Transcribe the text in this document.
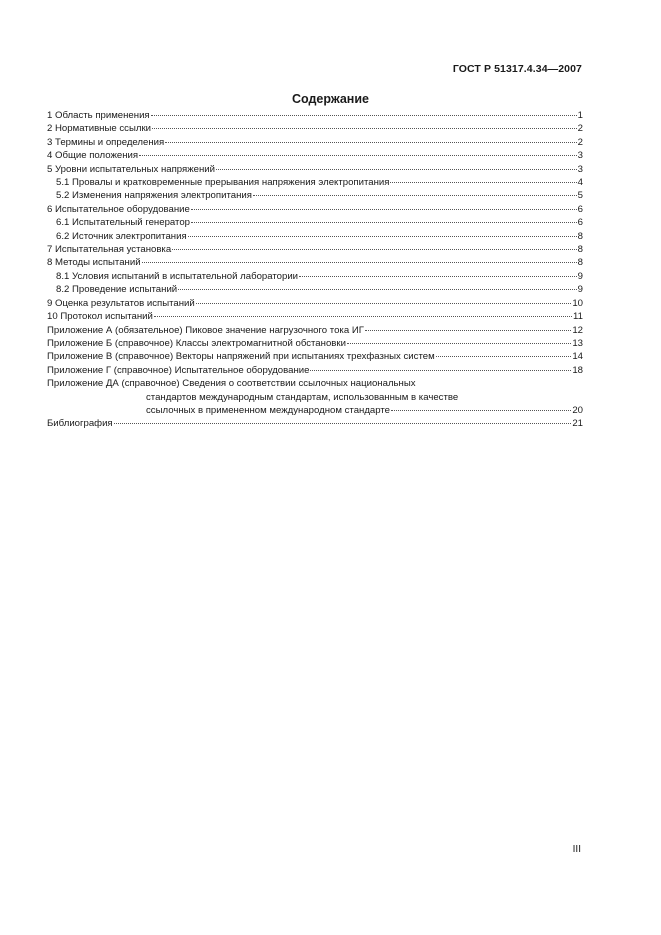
ГОСТ Р 51317.4.34—2007
Содержание
1 Область применения	1
2 Нормативные ссылки	2
3 Термины и определения	2
4 Общие положения	3
5 Уровни испытательных напряжений	3
5.1 Провалы и кратковременные прерывания напряжения электропитания	4
5.2 Изменения напряжения электропитания	5
6 Испытательное оборудование	6
6.1 Испытательный генератор	6
6.2 Источник электропитания	8
7 Испытательная установка	8
8 Методы испытаний	8
8.1 Условия испытаний в испытательной лаборатории	9
8.2 Проведение испытаний	9
9 Оценка результатов испытаний	10
10 Протокол испытаний	11
Приложение А (обязательное) Пиковое значение нагрузочного тока ИГ	12
Приложение Б (справочное) Классы электромагнитной обстановки	13
Приложение В (справочное) Векторы напряжений при испытаниях трехфазных систем	14
Приложение Г (справочное) Испытательное оборудование	18
Приложение ДА (справочное) Сведения о соответствии ссылочных национальных
стандартов международным стандартам, использованным в качестве
ссылочных в примененном международном стандарте	20
Библиография	21
III
